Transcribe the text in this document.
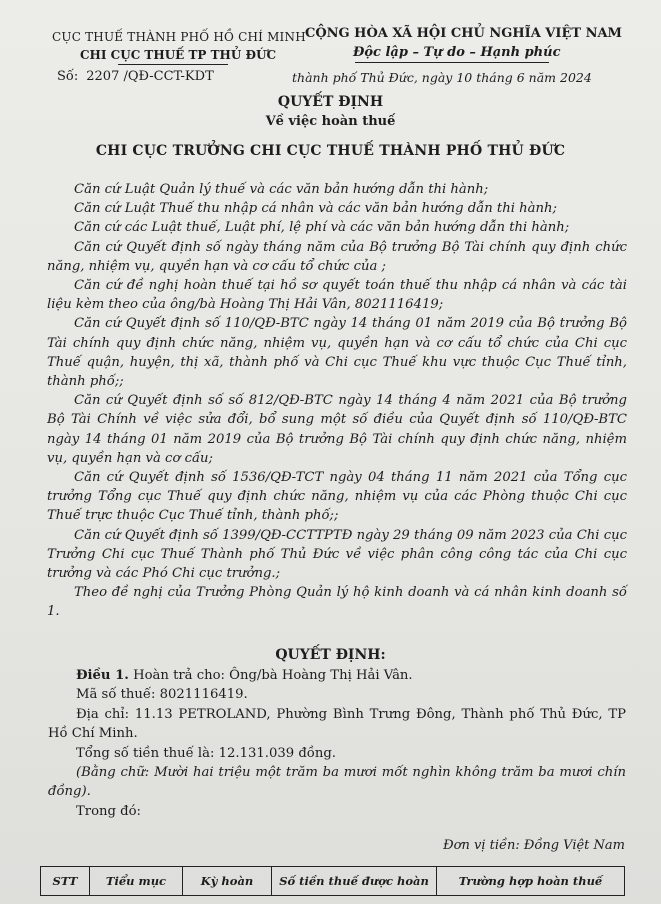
CỤC THUẾ THÀNH PHỐ HỒ CHÍ MINH
CHI CỤC THUẾ TP THỦ ĐỨC
CỘNG HÒA XÃ HỘI CHỦ NGHĨA VIỆT NAM
Độc lập – Tự do – Hạnh phúc
Số: 2207 /QĐ-CCT-KDT	thành phố Thủ Đức, ngày 10 tháng 6 năm 2024
QUYẾT ĐỊNH
Về việc hoàn thuế
CHI CỤC TRƯỞNG CHI CỤC THUẾ THÀNH PHỐ THỦ ĐỨC

Căn cứ Luật Quản lý thuế và các văn bản hướng dẫn thi hành;

Căn cứ Luật Thuế thu nhập cá nhân và các văn bản hướng dẫn thi hành;

Căn cứ các Luật thuế, Luật phí, lệ phí và các văn bản hướng dẫn thi hành;

Căn cứ Quyết định số ngày tháng năm của Bộ trưởng Bộ Tài chính quy định chức năng, nhiệm vụ, quyền hạn và cơ cấu tổ chức của ;

Căn cứ đề nghị hoàn thuế tại hồ sơ quyết toán thuế thu nhập cá nhân và các tài liệu kèm theo của ông/bà Hoàng Thị Hải Vân, 8021116419;

Căn cứ Quyết định số 110/QĐ-BTC ngày 14 tháng 01 năm 2019 của Bộ trưởng Bộ Tài chính quy định chức năng, nhiệm vụ, quyền hạn và cơ cấu tổ chức của Chi cục Thuế quận, huyện, thị xã, thành phố và Chi cục Thuế khu vực thuộc Cục Thuế tỉnh, thành phố;;

Căn cứ Quyết định số số 812/QĐ-BTC ngày 14 tháng 4 năm 2021 của Bộ trưởng Bộ Tài Chính về việc sửa đổi, bổ sung một số điều của Quyết định số 110/QĐ-BTC ngày 14 tháng 01 năm 2019 của Bộ trưởng Bộ Tài chính quy định chức năng, nhiệm vụ, quyền hạn và cơ cấu;

Căn cứ Quyết định số 1536/QĐ-TCT ngày 04 tháng 11 năm 2021 của Tổng cục trưởng Tổng cục Thuế quy định chức năng, nhiệm vụ của các Phòng thuộc Chi cục Thuế trực thuộc Cục Thuế tỉnh, thành phố;;

Căn cứ Quyết định số 1399/QĐ-CCTTPTĐ ngày 29 tháng 09 năm 2023 của Chi cục Trưởng Chi cục Thuế Thành phố Thủ Đức về việc phân công công tác của Chi cục trưởng và các Phó Chi cục trưởng.;

Theo đề nghị của Trưởng Phòng Quản lý hộ kinh doanh và cá nhân kinh doanh số 1.

QUYẾT ĐỊNH:

Điều 1. Hoàn trả cho: Ông/bà Hoàng Thị Hải Vân.

Mã số thuế: 8021116419.

Địa chỉ: 11.13 PETROLAND, Phường Bình Trưng Đông, Thành phố Thủ Đức, TP Hồ Chí Minh.

Tổng số tiền thuế là: 12.131.039 đồng.

(Bằng chữ: Mười hai triệu một trăm ba mươi mốt nghìn không trăm ba mươi chín đồng).

Trong đó:

Đơn vị tiền: Đồng Việt Nam
STT	Tiểu mục	Kỳ hoàn	Số tiền thuế được hoàn	Trường hợp hoàn thuế
